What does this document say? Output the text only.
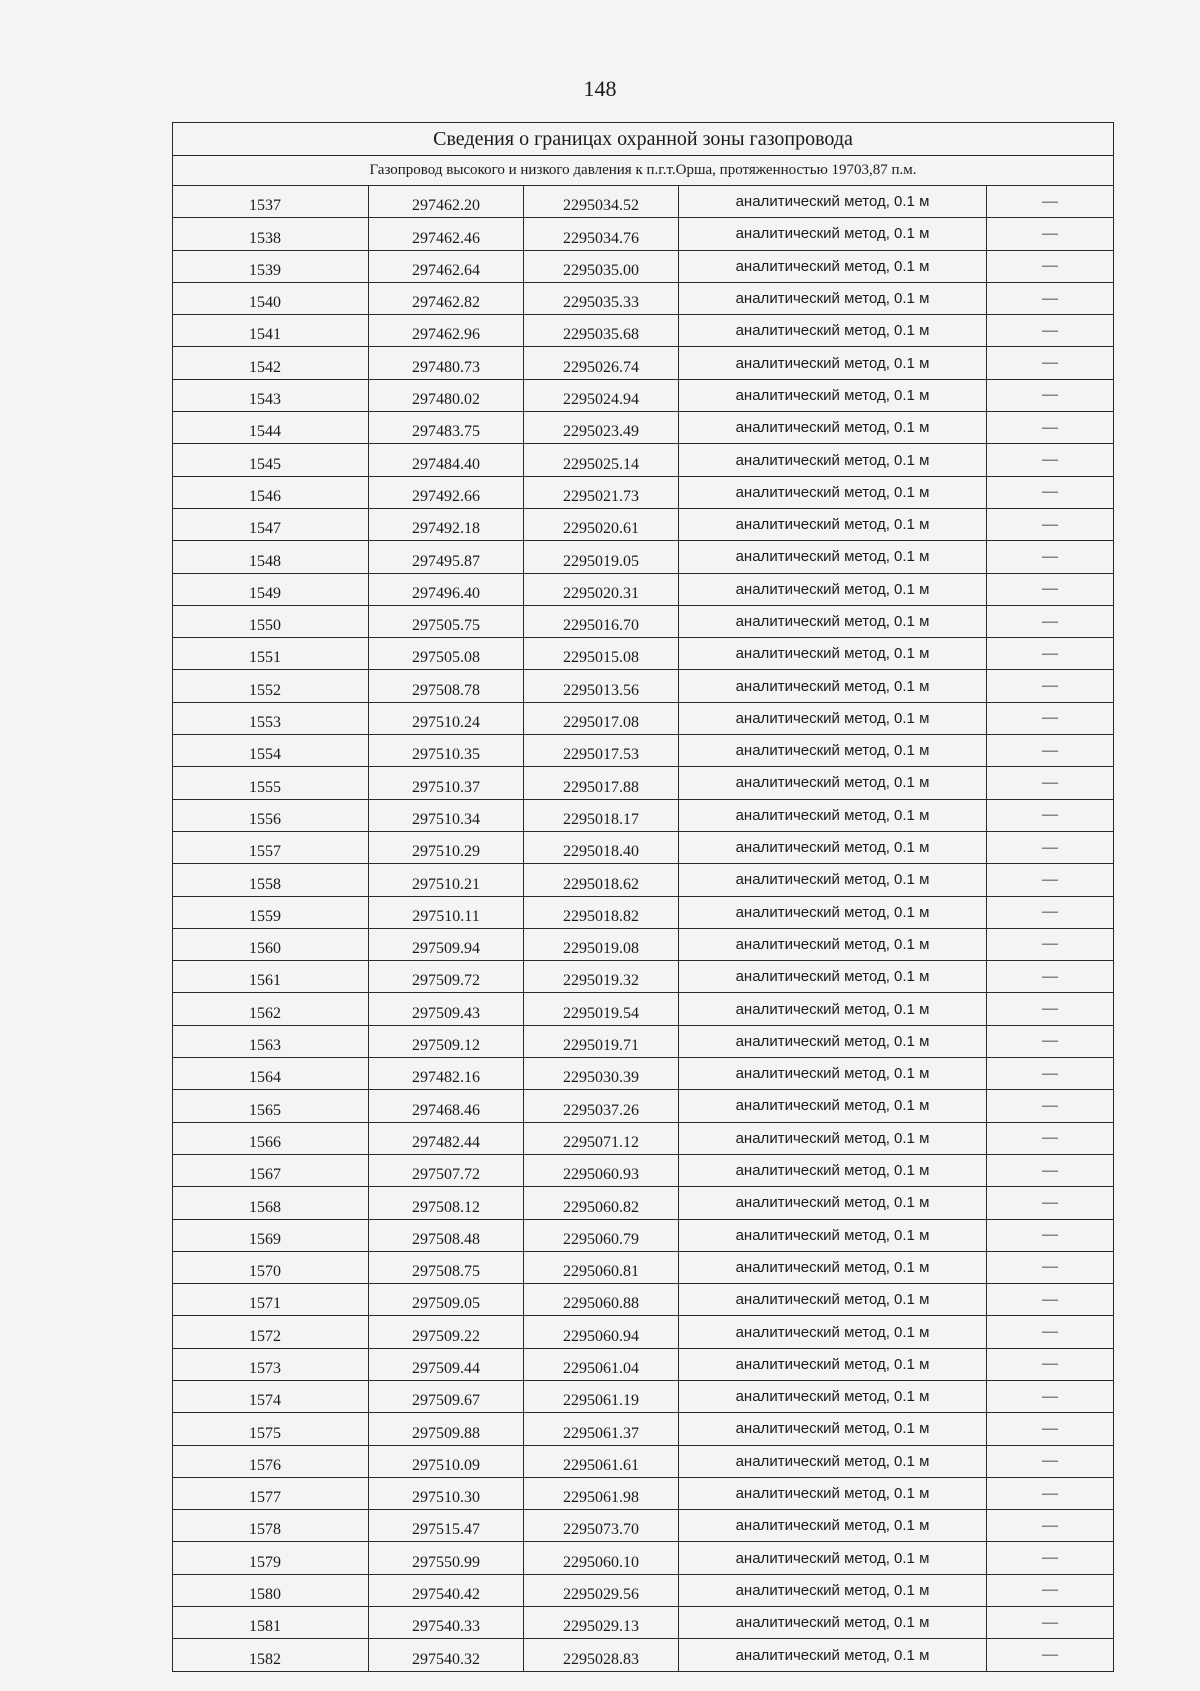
148
Сведения о границах охранной зоны газопровода				
Газопровод высокого и низкого давления к п.г.т.Орша, протяженностью 19703,87 п.м.				
1537	297462.20	2295034.52	аналитический метод, 0.1 м	—
1538	297462.46	2295034.76	аналитический метод, 0.1 м	—
1539	297462.64	2295035.00	аналитический метод, 0.1 м	—
1540	297462.82	2295035.33	аналитический метод, 0.1 м	—
1541	297462.96	2295035.68	аналитический метод, 0.1 м	—
1542	297480.73	2295026.74	аналитический метод, 0.1 м	—
1543	297480.02	2295024.94	аналитический метод, 0.1 м	—
1544	297483.75	2295023.49	аналитический метод, 0.1 м	—
1545	297484.40	2295025.14	аналитический метод, 0.1 м	—
1546	297492.66	2295021.73	аналитический метод, 0.1 м	—
1547	297492.18	2295020.61	аналитический метод, 0.1 м	—
1548	297495.87	2295019.05	аналитический метод, 0.1 м	—
1549	297496.40	2295020.31	аналитический метод, 0.1 м	—
1550	297505.75	2295016.70	аналитический метод, 0.1 м	—
1551	297505.08	2295015.08	аналитический метод, 0.1 м	—
1552	297508.78	2295013.56	аналитический метод, 0.1 м	—
1553	297510.24	2295017.08	аналитический метод, 0.1 м	—
1554	297510.35	2295017.53	аналитический метод, 0.1 м	—
1555	297510.37	2295017.88	аналитический метод, 0.1 м	—
1556	297510.34	2295018.17	аналитический метод, 0.1 м	—
1557	297510.29	2295018.40	аналитический метод, 0.1 м	—
1558	297510.21	2295018.62	аналитический метод, 0.1 м	—
1559	297510.11	2295018.82	аналитический метод, 0.1 м	—
1560	297509.94	2295019.08	аналитический метод, 0.1 м	—
1561	297509.72	2295019.32	аналитический метод, 0.1 м	—
1562	297509.43	2295019.54	аналитический метод, 0.1 м	—
1563	297509.12	2295019.71	аналитический метод, 0.1 м	—
1564	297482.16	2295030.39	аналитический метод, 0.1 м	—
1565	297468.46	2295037.26	аналитический метод, 0.1 м	—
1566	297482.44	2295071.12	аналитический метод, 0.1 м	—
1567	297507.72	2295060.93	аналитический метод, 0.1 м	—
1568	297508.12	2295060.82	аналитический метод, 0.1 м	—
1569	297508.48	2295060.79	аналитический метод, 0.1 м	—
1570	297508.75	2295060.81	аналитический метод, 0.1 м	—
1571	297509.05	2295060.88	аналитический метод, 0.1 м	—
1572	297509.22	2295060.94	аналитический метод, 0.1 м	—
1573	297509.44	2295061.04	аналитический метод, 0.1 м	—
1574	297509.67	2295061.19	аналитический метод, 0.1 м	—
1575	297509.88	2295061.37	аналитический метод, 0.1 м	—
1576	297510.09	2295061.61	аналитический метод, 0.1 м	—
1577	297510.30	2295061.98	аналитический метод, 0.1 м	—
1578	297515.47	2295073.70	аналитический метод, 0.1 м	—
1579	297550.99	2295060.10	аналитический метод, 0.1 м	—
1580	297540.42	2295029.56	аналитический метод, 0.1 м	—
1581	297540.33	2295029.13	аналитический метод, 0.1 м	—
1582	297540.32	2295028.83	аналитический метод, 0.1 м	—
